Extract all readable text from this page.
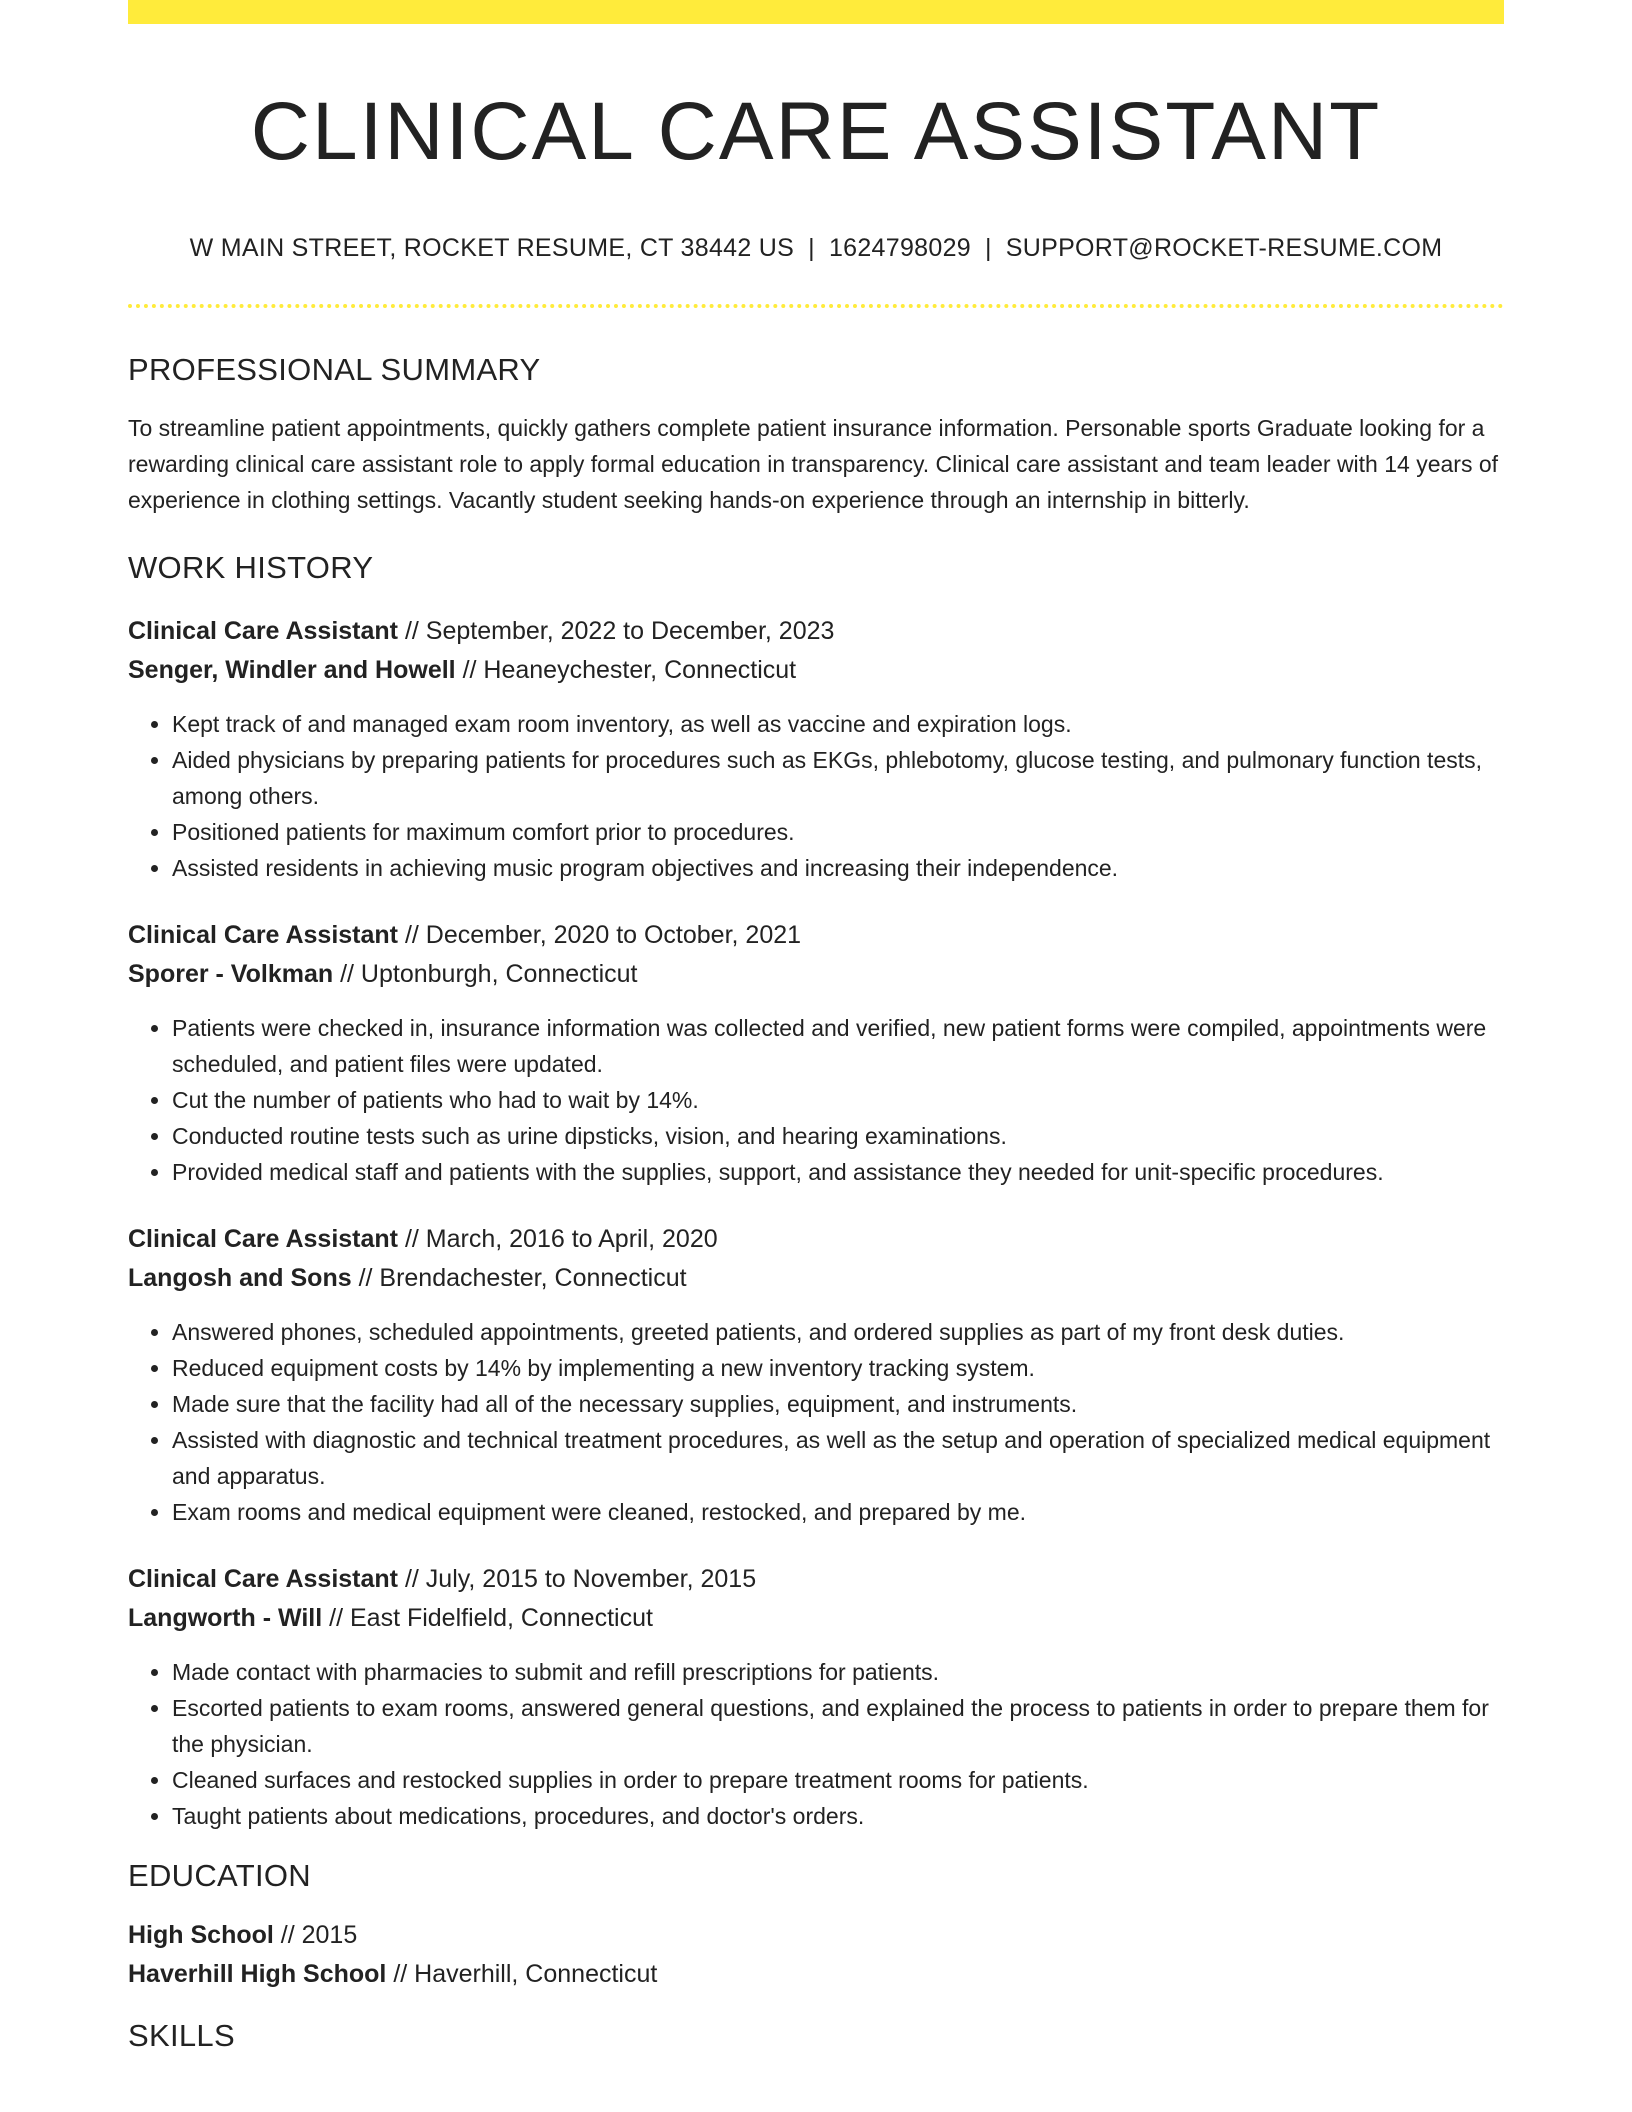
CLINICAL CARE ASSISTANT
W MAIN STREET, ROCKET RESUME, CT 38442 US | 1624798029 | SUPPORT@ROCKET-RESUME.COM
PROFESSIONAL SUMMARY
To streamline patient appointments, quickly gathers complete patient insurance information. Personable sports Graduate looking for a rewarding clinical care assistant role to apply formal education in transparency. Clinical care assistant and team leader with 14 years of experience in clothing settings. Vacantly student seeking hands-on experience through an internship in bitterly.
WORK HISTORY
Clinical Care Assistant // September, 2022 to December, 2023
Senger, Windler and Howell // Heaneychester, Connecticut
• Kept track of and managed exam room inventory, as well as vaccine and expiration logs.
• Aided physicians by preparing patients for procedures such as EKGs, phlebotomy, glucose testing, and pulmonary function tests, among others.
• Positioned patients for maximum comfort prior to procedures.
• Assisted residents in achieving music program objectives and increasing their independence.
Clinical Care Assistant // December, 2020 to October, 2021
Sporer - Volkman // Uptonburgh, Connecticut
• Patients were checked in, insurance information was collected and verified, new patient forms were compiled, appointments were scheduled, and patient files were updated.
• Cut the number of patients who had to wait by 14%.
• Conducted routine tests such as urine dipsticks, vision, and hearing examinations.
• Provided medical staff and patients with the supplies, support, and assistance they needed for unit-specific procedures.
Clinical Care Assistant // March, 2016 to April, 2020
Langosh and Sons // Brendachester, Connecticut
• Answered phones, scheduled appointments, greeted patients, and ordered supplies as part of my front desk duties.
• Reduced equipment costs by 14% by implementing a new inventory tracking system.
• Made sure that the facility had all of the necessary supplies, equipment, and instruments.
• Assisted with diagnostic and technical treatment procedures, as well as the setup and operation of specialized medical equipment and apparatus.
• Exam rooms and medical equipment were cleaned, restocked, and prepared by me.
Clinical Care Assistant // July, 2015 to November, 2015
Langworth - Will // East Fidelfield, Connecticut
• Made contact with pharmacies to submit and refill prescriptions for patients.
• Escorted patients to exam rooms, answered general questions, and explained the process to patients in order to prepare them for the physician.
• Cleaned surfaces and restocked supplies in order to prepare treatment rooms for patients.
• Taught patients about medications, procedures, and doctor's orders.
EDUCATION
High School // 2015
Haverhill High School // Haverhill, Connecticut
SKILLS
